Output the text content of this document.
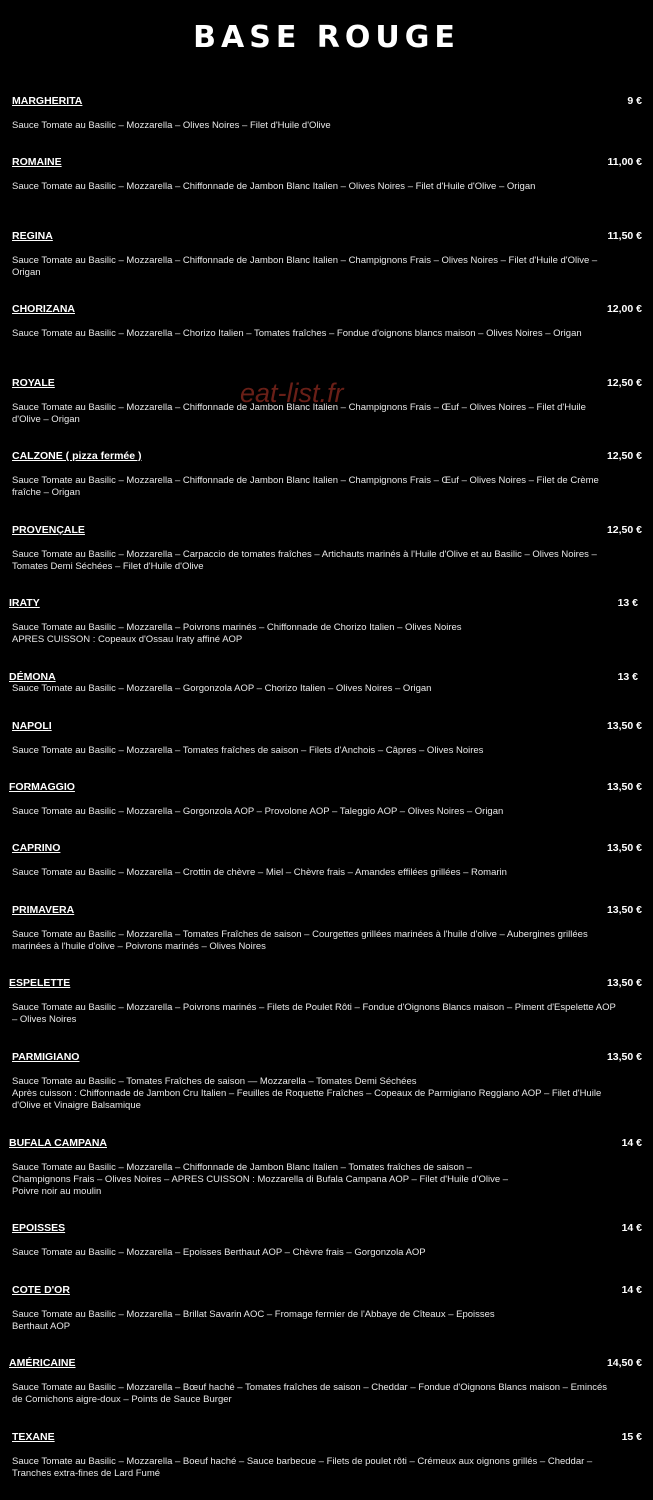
BASE ROUGE
MARGHERITA	9 €
Sauce Tomate au Basilic – Mozzarella – Olives Noires – Filet d'Huile d'Olive
ROMAINE	11,00 €
Sauce Tomate au Basilic – Mozzarella – Chiffonnade de Jambon Blanc Italien – Olives Noires – Filet d'Huile d'Olive – Origan
REGINA	11,50 €
Sauce Tomate au Basilic – Mozzarella – Chiffonnade de Jambon Blanc Italien – Champignons Frais – Olives Noires – Filet d'Huile d'Olive – Origan
CHORIZANA	12,00 €
Sauce Tomate au Basilic – Mozzarella – Chorizo Italien – Tomates fraîches – Fondue d'oignons blancs maison – Olives Noires – Origan
ROYALE	12,50 €
Sauce Tomate au Basilic – Mozzarella – Chiffonnade de Jambon Blanc Italien – Champignons Frais – Œuf – Olives Noires – Filet d'Huile d'Olive – Origan
CALZONE ( pizza fermée )	12,50 €
Sauce Tomate au Basilic – Mozzarella – Chiffonnade de Jambon Blanc Italien – Champignons Frais – Œuf – Olives Noires – Filet de Crème fraîche – Origan
PROVENÇALE	12,50 €
Sauce Tomate au Basilic – Mozzarella – Carpaccio de tomates fraîches – Artichauts marinés à l'Huile d'Olive et au Basilic – Olives Noires – Tomates Demi Séchées – Filet d'Huile d'Olive
IRATY	13 €
Sauce Tomate au Basilic – Mozzarella – Poivrons marinés – Chiffonnade de Chorizo Italien – Olives Noires
APRES CUISSON : Copeaux d'Ossau Iraty affiné AOP
DÉMONA	13 €
Sauce Tomate au Basilic – Mozzarella – Gorgonzola AOP – Chorizo Italien – Olives Noires – Origan
NAPOLI	13,50 €
Sauce Tomate au Basilic – Mozzarella – Tomates fraîches de saison – Filets d'Anchois – Câpres – Olives Noires
FORMAGGIO	13,50 €
Sauce Tomate au Basilic – Mozzarella – Gorgonzola AOP – Provolone AOP – Taleggio AOP – Olives Noires – Origan
CAPRINO	13,50 €
Sauce Tomate au Basilic – Mozzarella – Crottin de chèvre – Miel – Chèvre frais – Amandes effilées grillées – Romarin
PRIMAVERA	13,50 €
Sauce Tomate au Basilic – Mozzarella – Tomates Fraîches de saison – Courgettes grillées marinées à l'huile d'olive – Aubergines grillées marinées à l'huile d'olive – Poivrons marinés – Olives Noires
ESPELETTE	13,50 €
Sauce Tomate au Basilic – Mozzarella – Poivrons marinés – Filets de Poulet Rôti – Fondue d'Oignons Blancs maison – Piment d'Espelette AOP – Olives Noires
PARMIGIANO	13,50 €
Sauce Tomate au Basilic – Tomates Fraîches de saison — Mozzarella – Tomates Demi Séchées
Après cuisson : Chiffonnade de Jambon Cru Italien – Feuilles de Roquette Fraîches – Copeaux de Parmigiano Reggiano AOP – Filet d'Huile d'Olive et Vinaigre Balsamique
BUFALA CAMPANA	14 €
Sauce Tomate au Basilic – Mozzarella – Chiffonnade de Jambon Blanc Italien – Tomates fraîches de saison –
Champignons Frais – Olives Noires – APRES CUISSON : Mozzarella di Bufala Campana AOP – Filet d'Huile d'Olive –
Poivre noir au moulin
EPOISSES	14 €
Sauce Tomate au Basilic – Mozzarella – Epoisses Berthaut AOP – Chèvre frais – Gorgonzola AOP
COTE D'OR	14 €
Sauce Tomate au Basilic – Mozzarella – Brillat Savarin AOC – Fromage fermier de l'Abbaye de Cîteaux – Epoisses
Berthaut AOP
AMÉRICAINE	14,50 €
Sauce Tomate au Basilic – Mozzarella – Bœuf haché – Tomates fraîches de saison – Cheddar – Fondue d'Oignons Blancs maison – Emincés de Cornichons aigre-doux – Points de Sauce Burger
TEXANE	15 €
Sauce Tomate au Basilic – Mozzarella – Boeuf haché – Sauce barbecue – Filets de poulet rôti – Crémeux aux oignons grillés – Cheddar – Tranches extra-fines de Lard Fumé
eat-list.fr
